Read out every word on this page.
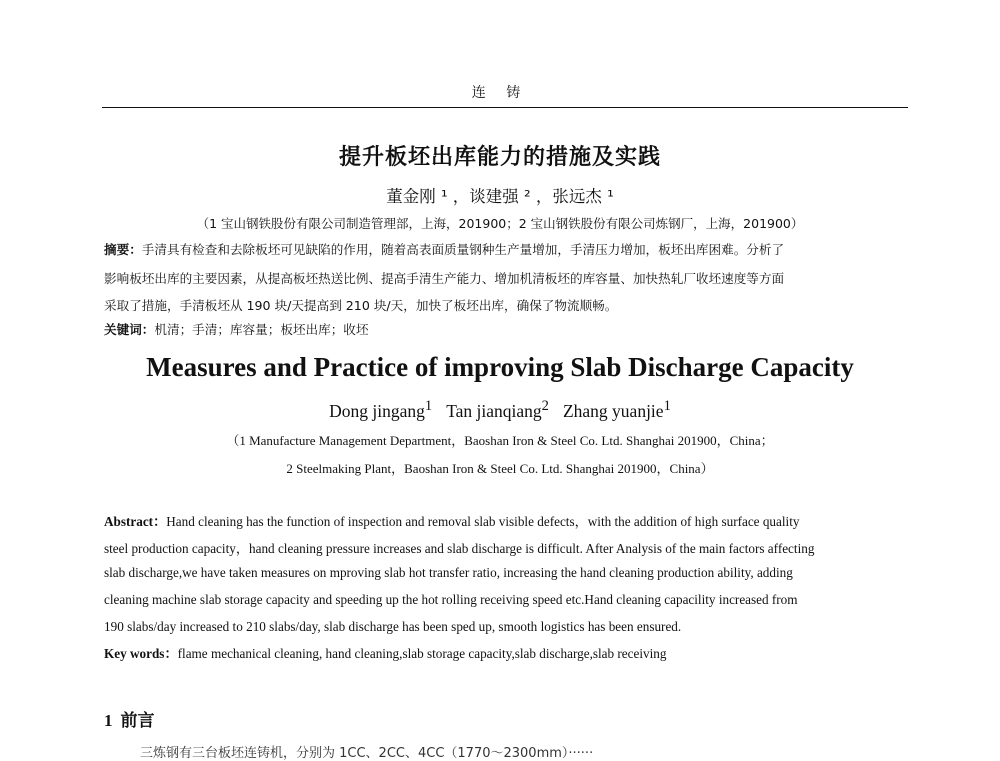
连 铸
提升板坯出库能力的措施及实践
董金刚 ¹ ，谈建强 ² ，张远杰 ¹
（1 宝山钢铁股份有限公司制造管理部，上海，201900；2 宝山钢铁股份有限公司炼钢厂，上海，201900）
摘要：手清具有检查和去除板坯可见缺陷的作用，随着高表面质量钢种生产量增加，手清压力增加，板坯出库困难。分析了
影响板坯出库的主要因素，从提高板坯热送比例、提高手清生产能力、增加机清板坯的库容量、加快热轧厂收坯速度等方面
采取了措施，手清板坯从 190 块/天提高到 210 块/天，加快了板坯出库，确保了物流顺畅。
关键词：机清；手清；库容量；板坯出库；收坯
Measures and Practice of improving Slab Discharge Capacity
Dong jingang$^1$ Tan jianqiang$^2$ Zhang yuanjie$^1$
（1 Manufacture Management Department，Baoshan Iron & Steel Co. Ltd. Shanghai 201900，China；
2 Steelmaking Plant，Baoshan Iron & Steel Co. Ltd. Shanghai 201900，China）
Abstract：Hand cleaning has the function of inspection and removal slab visible defects，with the addition of high surface quality
steel production capacity，hand cleaning pressure increases and slab discharge is difficult. After Analysis of the main factors affecting
slab discharge,we have taken measures on mproving slab hot transfer ratio, increasing the hand cleaning production ability, adding
cleaning machine slab storage capacity and speeding up the hot rolling receiving speed etc.Hand cleaning capacility increased from
190 slabs/day increased to 210 slabs/day, slab discharge has been sped up, smooth logistics has been ensured.
Key words：flame mechanical cleaning, hand cleaning,slab storage capacity,slab discharge,slab receiving
1 前言
三炼钢有三台板坯连铸机，分别为 1CC、2CC、4CC（1770～2300mm）······
